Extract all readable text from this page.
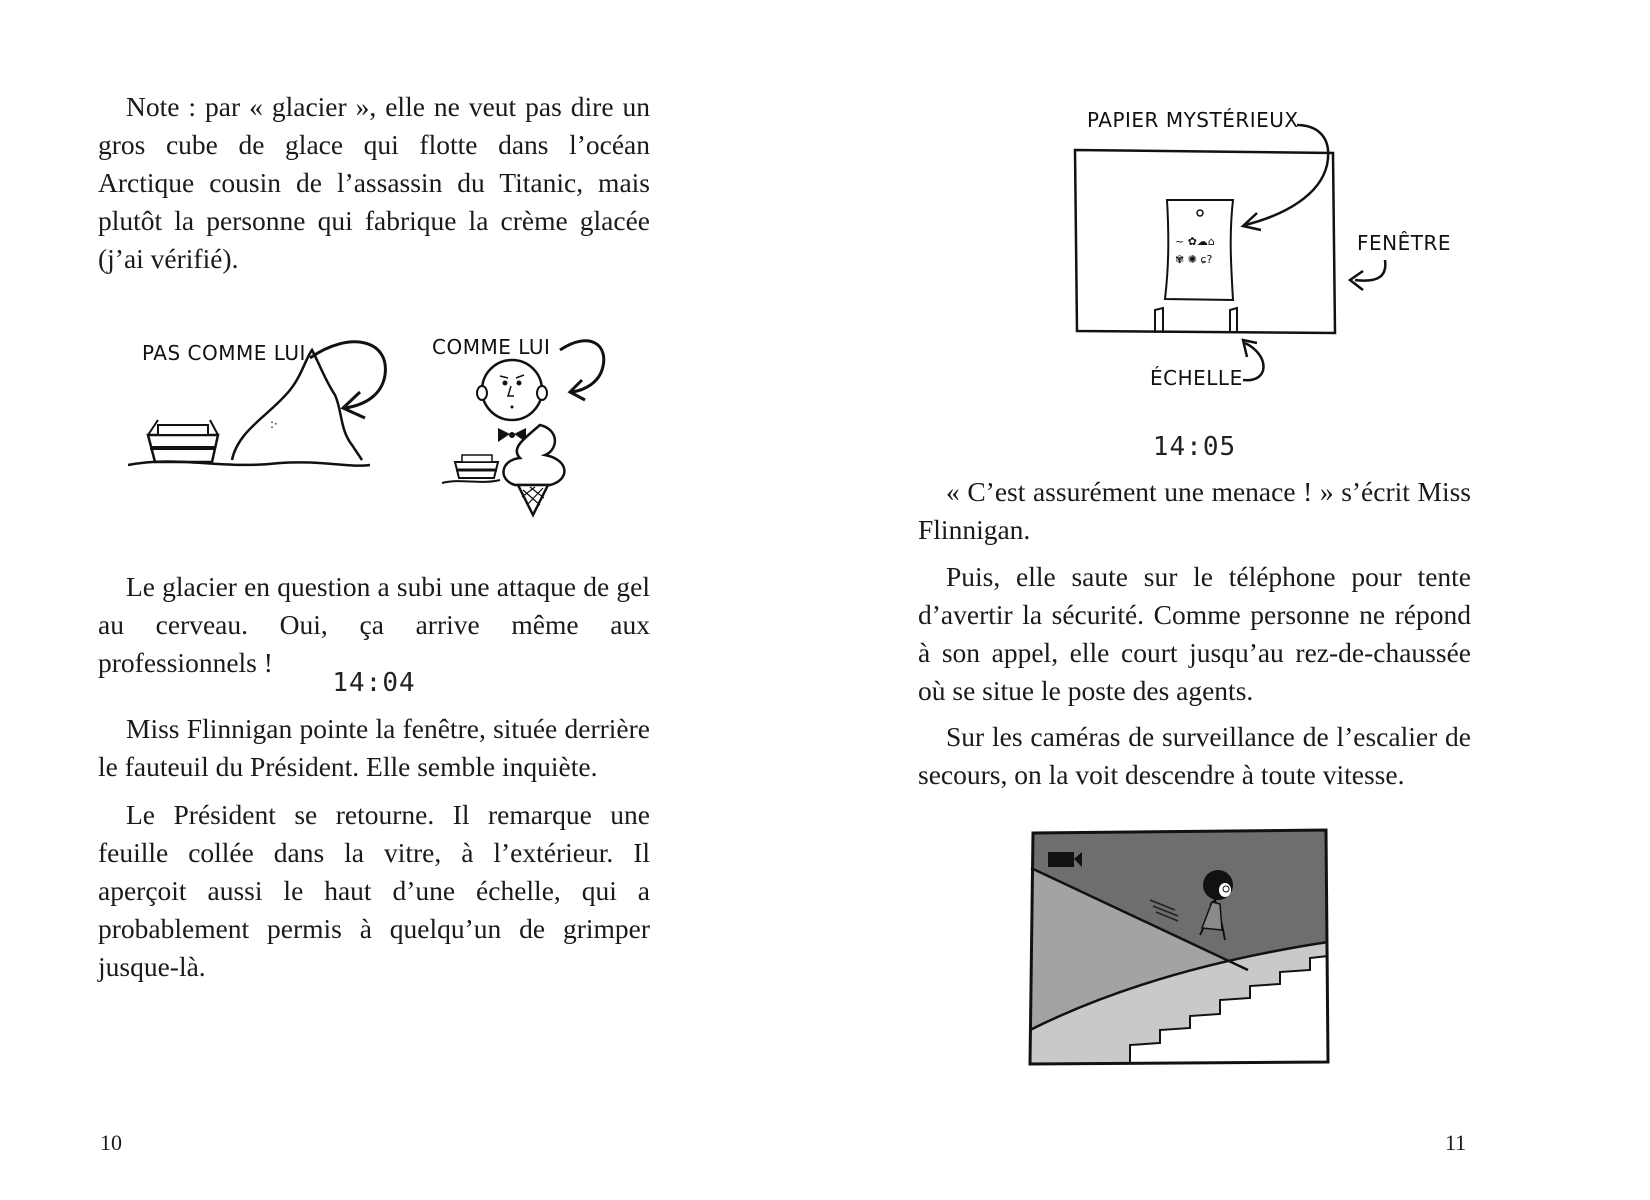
Note : par « glacier », elle ne veut pas dire un gros cube de glace qui flotte dans l’océan Arctique cousin de l’assassin du Titanic, mais plutôt la personne qui fabrique la crème glacée (j’ai vérifié).

PAS COMME LUI
:·
COMME LUI

Le glacier en question a subi une attaque de gel au cerveau. Oui, ça arrive même aux professionnels !

14:04

Miss Flinnigan pointe la fenêtre, située derrière le fauteuil du Président. Elle semble inquiète.

Le Président se retourne. Il remarque une feuille collée dans la vitre, à l’extérieur. Il aperçoit aussi le haut d’une échelle, qui a probablement permis à quelqu’un de grimper jusque-là.

10
PAPIER MYSTÉRIEUX
~ ✿☁⌂
✾ ✺ ɕ?
FENÊTRE
ÉCHELLE
14:05

« C’est assurément une menace ! » s’écrit Miss Flinnigan.

Puis, elle saute sur le téléphone pour tente d’avertir la sécurité. Comme personne ne répond à son appel, elle court jusqu’au rez-de-chaussée où se situe le poste des agents.

Sur les caméras de surveillance de l’escalier de secours, on la voit descendre à toute vitesse.

11
